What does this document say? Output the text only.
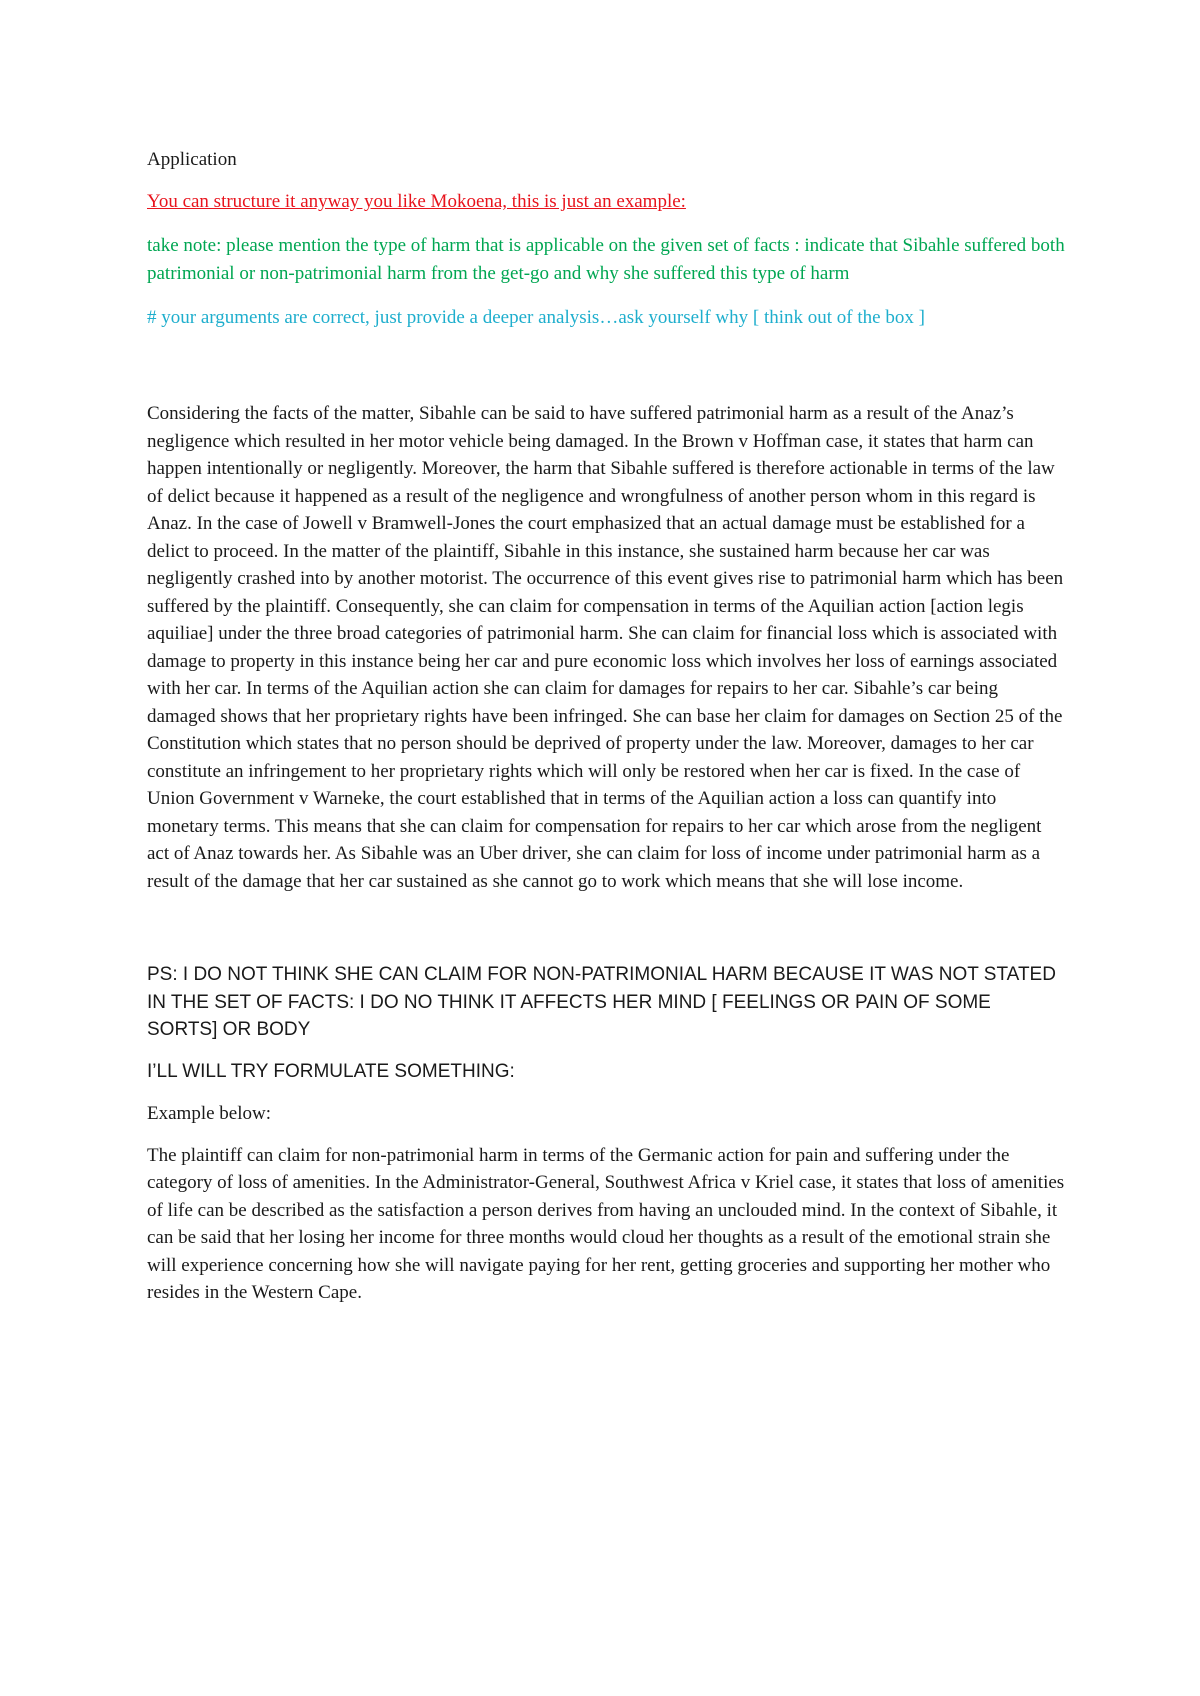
Application

You can structure it anyway you like Mokoena, this is just an example:

take note: please mention the type of harm that is applicable on the given set of facts : indicate that Sibahle suffered both patrimonial or non-patrimonial harm from the get-go and why she suffered this type of harm

# your arguments are correct, just provide a deeper analysis…ask yourself why [ think out of the box ]

Considering the facts of the matter, Sibahle can be said to have suffered patrimonial harm as a result of the Anaz’s negligence which resulted in her motor vehicle being damaged. In the Brown v Hoffman case, it states that harm can happen intentionally or negligently. Moreover, the harm that Sibahle suffered is therefore actionable in terms of the law of delict because it happened as a result of the negligence and wrongfulness of another person whom in this regard is Anaz. In the case of Jowell v Bramwell-Jones the court emphasized that an actual damage must be established for a delict to proceed. In the matter of the plaintiff, Sibahle in this instance, she sustained harm because her car was negligently crashed into by another motorist. The occurrence of this event gives rise to patrimonial harm which has been suffered by the plaintiff. Consequently, she can claim for compensation in terms of the Aquilian action [action legis aquiliae] under the three broad categories of patrimonial harm. She can claim for financial loss which is associated with damage to property in this instance being her car and pure economic loss which involves her loss of earnings associated with her car. In terms of the Aquilian action she can claim for damages for repairs to her car. Sibahle’s car being damaged shows that her proprietary rights have been infringed. She can base her claim for damages on Section 25 of the Constitution which states that no person should be deprived of property under the law. Moreover, damages to her car constitute an infringement to her proprietary rights which will only be restored when her car is fixed. In the case of Union Government v Warneke, the court established that in terms of the Aquilian action a loss can quantify into monetary terms. This means that she can claim for compensation for repairs to her car which arose from the negligent act of Anaz towards her. As Sibahle was an Uber driver, she can claim for loss of income under patrimonial harm as a result of the damage that her car sustained as she cannot go to work which means that she will lose income.

PS: I DO NOT THINK SHE CAN CLAIM FOR NON-PATRIMONIAL HARM BECAUSE IT WAS NOT STATED IN THE SET OF FACTS: I DO NO THINK IT AFFECTS HER MIND [ FEELINGS OR PAIN OF SOME SORTS] OR BODY

I’LL WILL TRY FORMULATE SOMETHING:

Example below:

The plaintiff can claim for non-patrimonial harm in terms of the Germanic action for pain and suffering under the category of loss of amenities. In the Administrator-General, Southwest Africa v Kriel case, it states that loss of amenities of life can be described as the satisfaction a person derives from having an unclouded mind. In the context of Sibahle, it can be said that her losing her income for three months would cloud her thoughts as a result of the emotional strain she will experience concerning how she will navigate paying for her rent, getting groceries and supporting her mother who resides in the Western Cape.
